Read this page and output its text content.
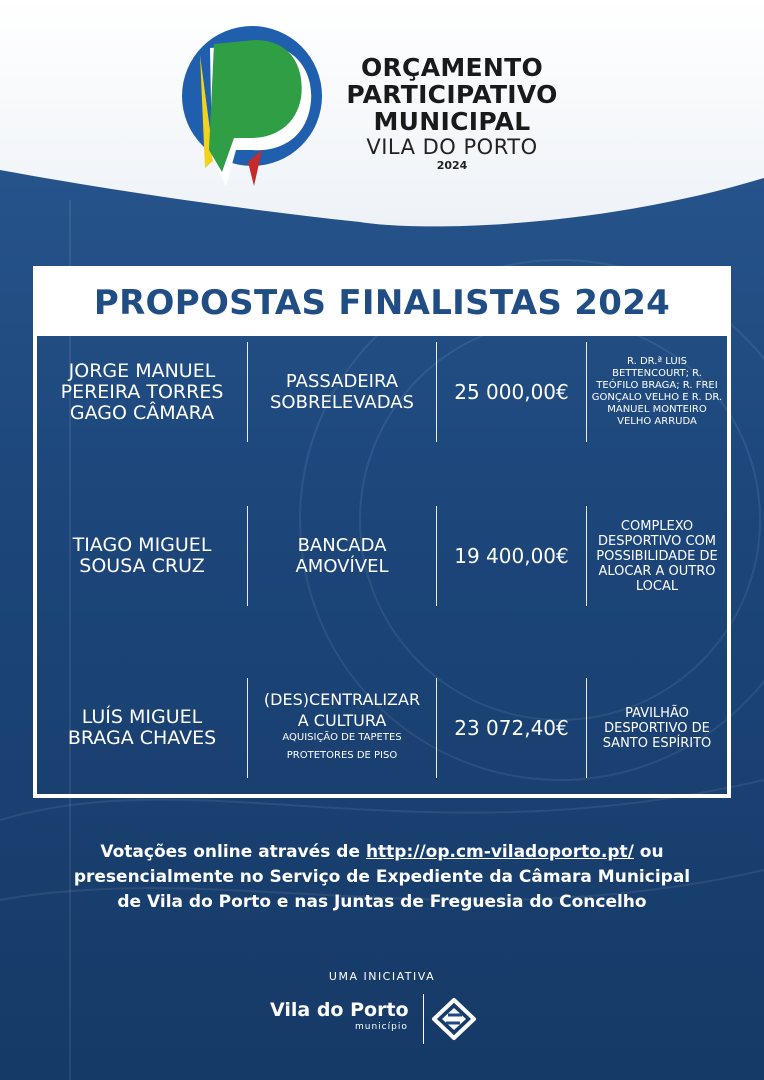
ORÇAMENTO
PARTICIPATIVO
MUNICIPAL
VILA DO PORTO
2024
PROPOSTAS FINALISTAS 2024
JORGE MANUEL
PEREIRA TORRES
GAGO CÂMARA
PASSADEIRA
SOBRELEVADAS 25 000,00€
R. DR.ª LUIS
BETTENCOURT; R.
TEÓFILO BRAGA; R. FREI
GONÇALO VELHO E R. DR.
MANUEL MONTEIRO
VELHO ARRUDA
TIAGO MIGUEL
SOUSA CRUZ
BANCADA
AMOVÍVEL	19 400,00€
COMPLEXO
DESPORTIVO COM
POSSIBILIDADE DE
ALOCAR A OUTRO
LOCAL
LUÍS MIGUEL
BRAGA CHAVES
(DES)CENTRALIZAR
A CULTURA
AQUISIÇÃO DE TAPETES
PROTETORES DE PISO
23 072,40€
PAVILHÃO
DESPORTIVO DE
SANTO ESPÍRITO
Votações online através de http://op.cm-viladoporto.pt/ ou
presencialmente no Serviço de Expediente da Câmara Municipal
de Vila do Porto e nas Juntas de Freguesia do Concelho
UMA INICIATIVA
Vila do Porto
município
